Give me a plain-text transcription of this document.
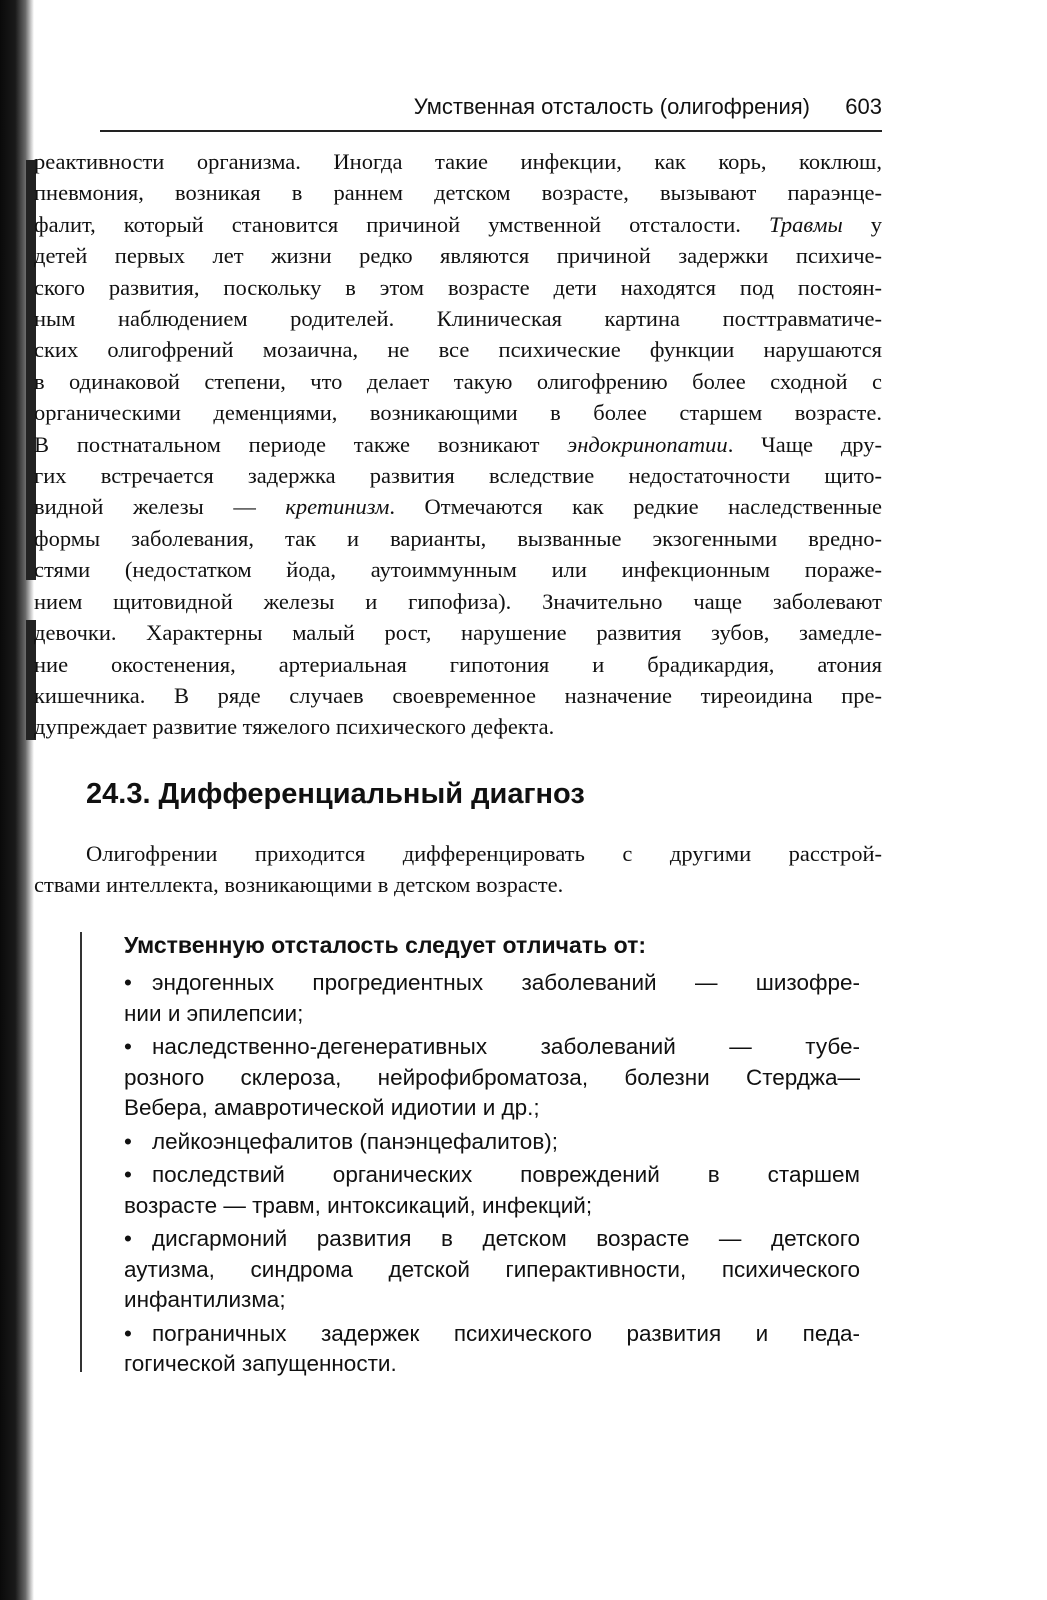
Умственная отсталость (олигофрения) 603
реактивности организма. Иногда такие инфекции, как корь, коклюш,
пневмония, возникая в раннем детском возрасте, вызывают параэнце-
фалит, который становится причиной умственной отсталости. Травмы у
детей первых лет жизни редко являются причиной задержки психиче-
ского развития, поскольку в этом возрасте дети находятся под постоян-
ным наблюдением родителей. Клиническая картина посттравматиче-
ских олигофрений мозаична, не все психические функции нарушаются
в одинаковой степени, что делает такую олигофрению более сходной с
органическими деменциями, возникающими в более старшем возрасте.
В постнатальном периоде также возникают эндокринопатии. Чаще дру-
гих встречается задержка развития вследствие недостаточности щито-
видной железы — кретинизм. Отмечаются как редкие наследственные
формы заболевания, так и варианты, вызванные экзогенными вредно-
стями (недостатком йода, аутоиммунным или инфекционным пораже-
нием щитовидной железы и гипофиза). Значительно чаще заболевают
девочки. Характерны малый рост, нарушение развития зубов, замедле-
ние окостенения, артериальная гипотония и брадикардия, атония
кишечника. В ряде случаев своевременное назначение тиреоидина пре-
дупреждает развитие тяжелого психического дефекта.
24.3. Дифференциальный диагноз
Олигофрении приходится дифференцировать с другими расстрой-
ствами интеллекта, возникающими в детском возрасте.
Умственную отсталость следует отличать от:
• эндогенных прогредиентных заболеваний — шизофре-
нии и эпилепсии;
• наследственно-дегенеративных заболеваний — тубе-
розного склероза, нейрофиброматоза, болезни Стерджа—
Вебера, амавротической идиотии и др.;
• лейкоэнцефалитов (панэнцефалитов);
• последствий органических повреждений в старшем
возрасте — травм, интоксикаций, инфекций;
• дисгармоний развития в детском возрасте — детского
аутизма, синдрома детской гиперактивности, психического
инфантилизма;
• пограничных задержек психического развития и педа-
гогической запущенности.
